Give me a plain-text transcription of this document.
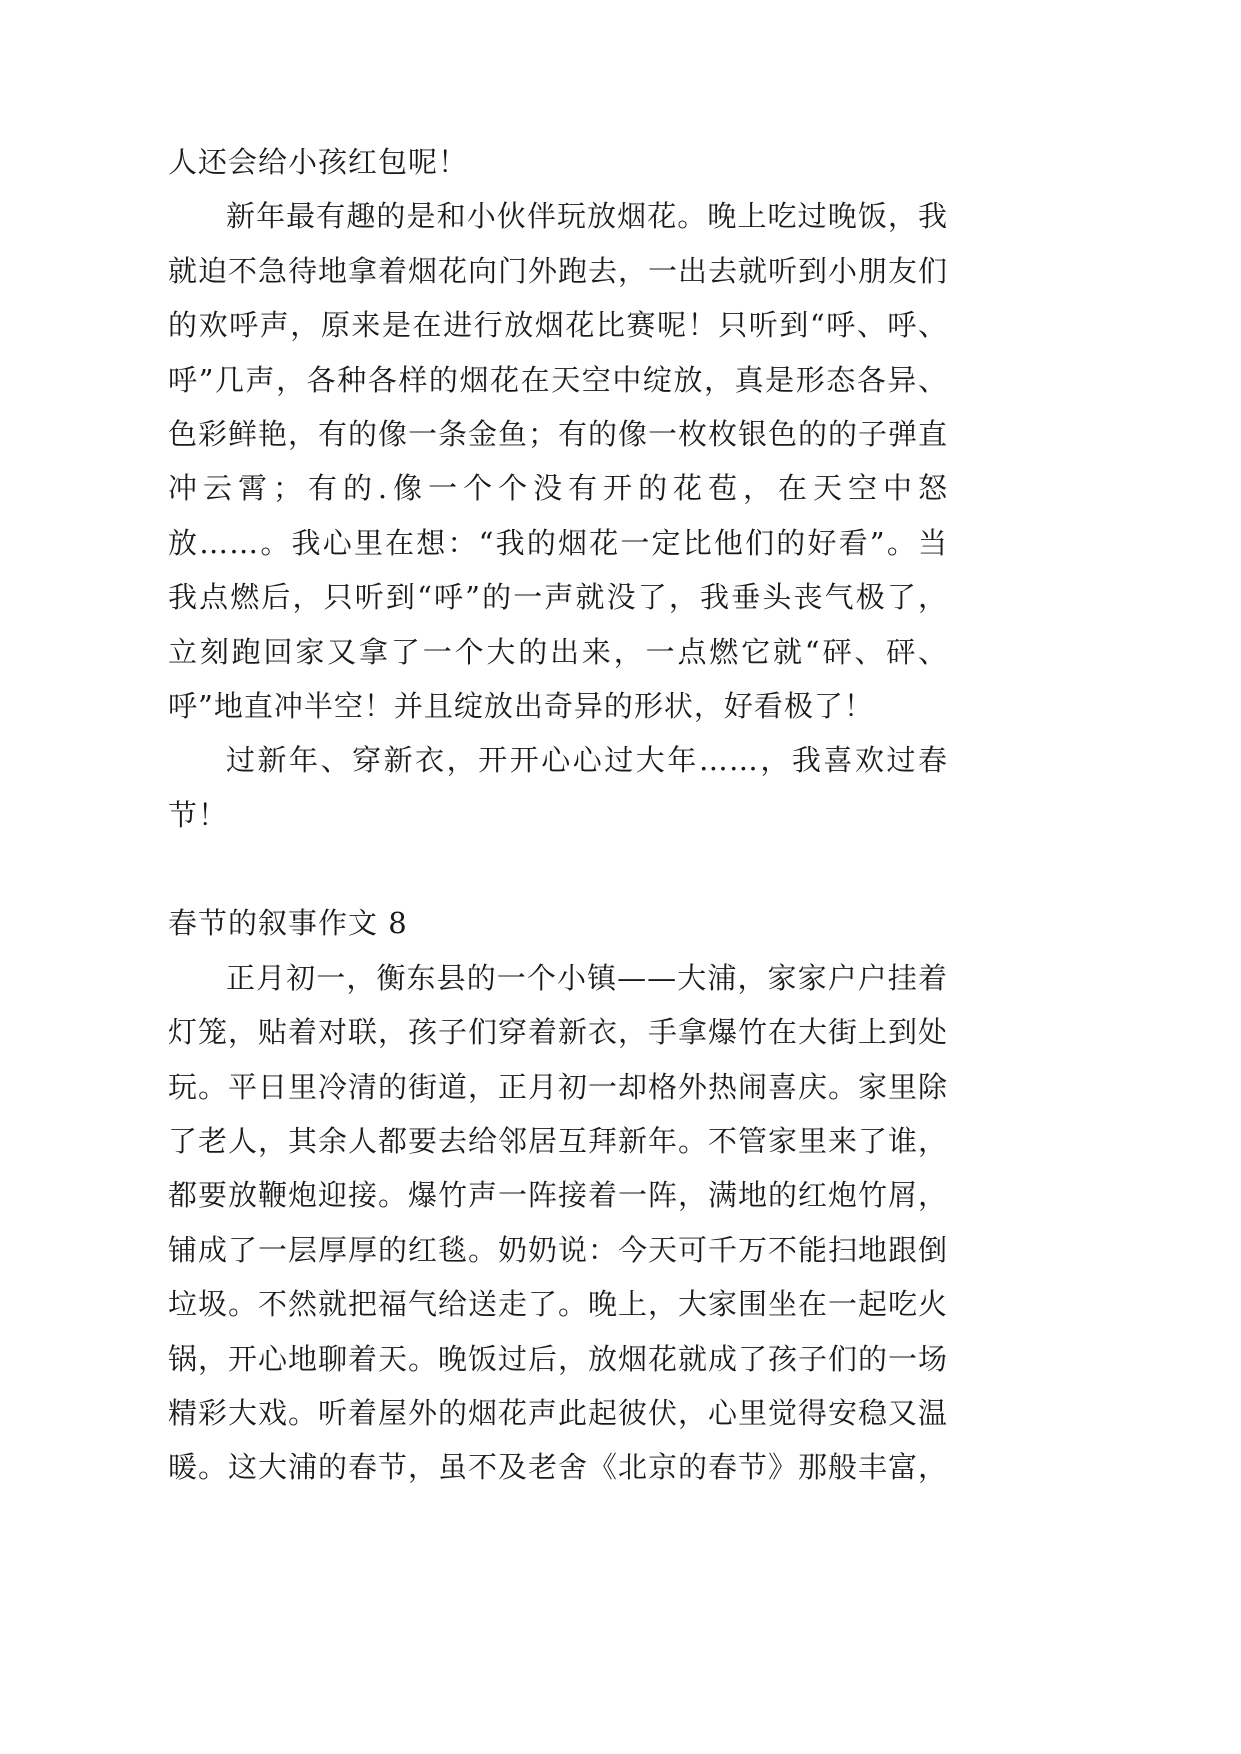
人还会给小孩红包呢！

新年最有趣的是和小伙伴玩放烟花。晚上吃过晚饭，我就迫不急待地拿着烟花向门外跑去，一出去就听到小朋友们的欢呼声，原来是在进行放烟花比赛呢！只听到“呼、呼、呼”几声，各种各样的烟花在天空中绽放，真是形态各异、色彩鲜艳，有的像一条金鱼；有的像一枚枚银色的的子弹直冲云霄；有的.像一个个没有开的花苞，在天空中怒放……。我心里在想：“我的烟花一定比他们的好看”。当我点燃后，只听到“呼”的一声就没了，我垂头丧气极了，立刻跑回家又拿了一个大的出来，一点燃它就“砰、砰、呼”地直冲半空！并且绽放出奇异的形状，好看极了！

过新年、穿新衣，开开心心过大年……，我喜欢过春节！

春节的叙事作文 8

正月初一，衡东县的一个小镇——大浦，家家户户挂着灯笼，贴着对联，孩子们穿着新衣，手拿爆竹在大街上到处玩。平日里冷清的街道，正月初一却格外热闹喜庆。家里除了老人，其余人都要去给邻居互拜新年。不管家里来了谁，都要放鞭炮迎接。爆竹声一阵接着一阵，满地的红炮竹屑，铺成了一层厚厚的红毯。奶奶说：今天可千万不能扫地跟倒垃圾。不然就把福气给送走了。晚上，大家围坐在一起吃火锅，开心地聊着天。晚饭过后，放烟花就成了孩子们的一场精彩大戏。听着屋外的烟花声此起彼伏，心里觉得安稳又温暖。这大浦的春节，虽不及老舍《北京的春节》那般丰富，
